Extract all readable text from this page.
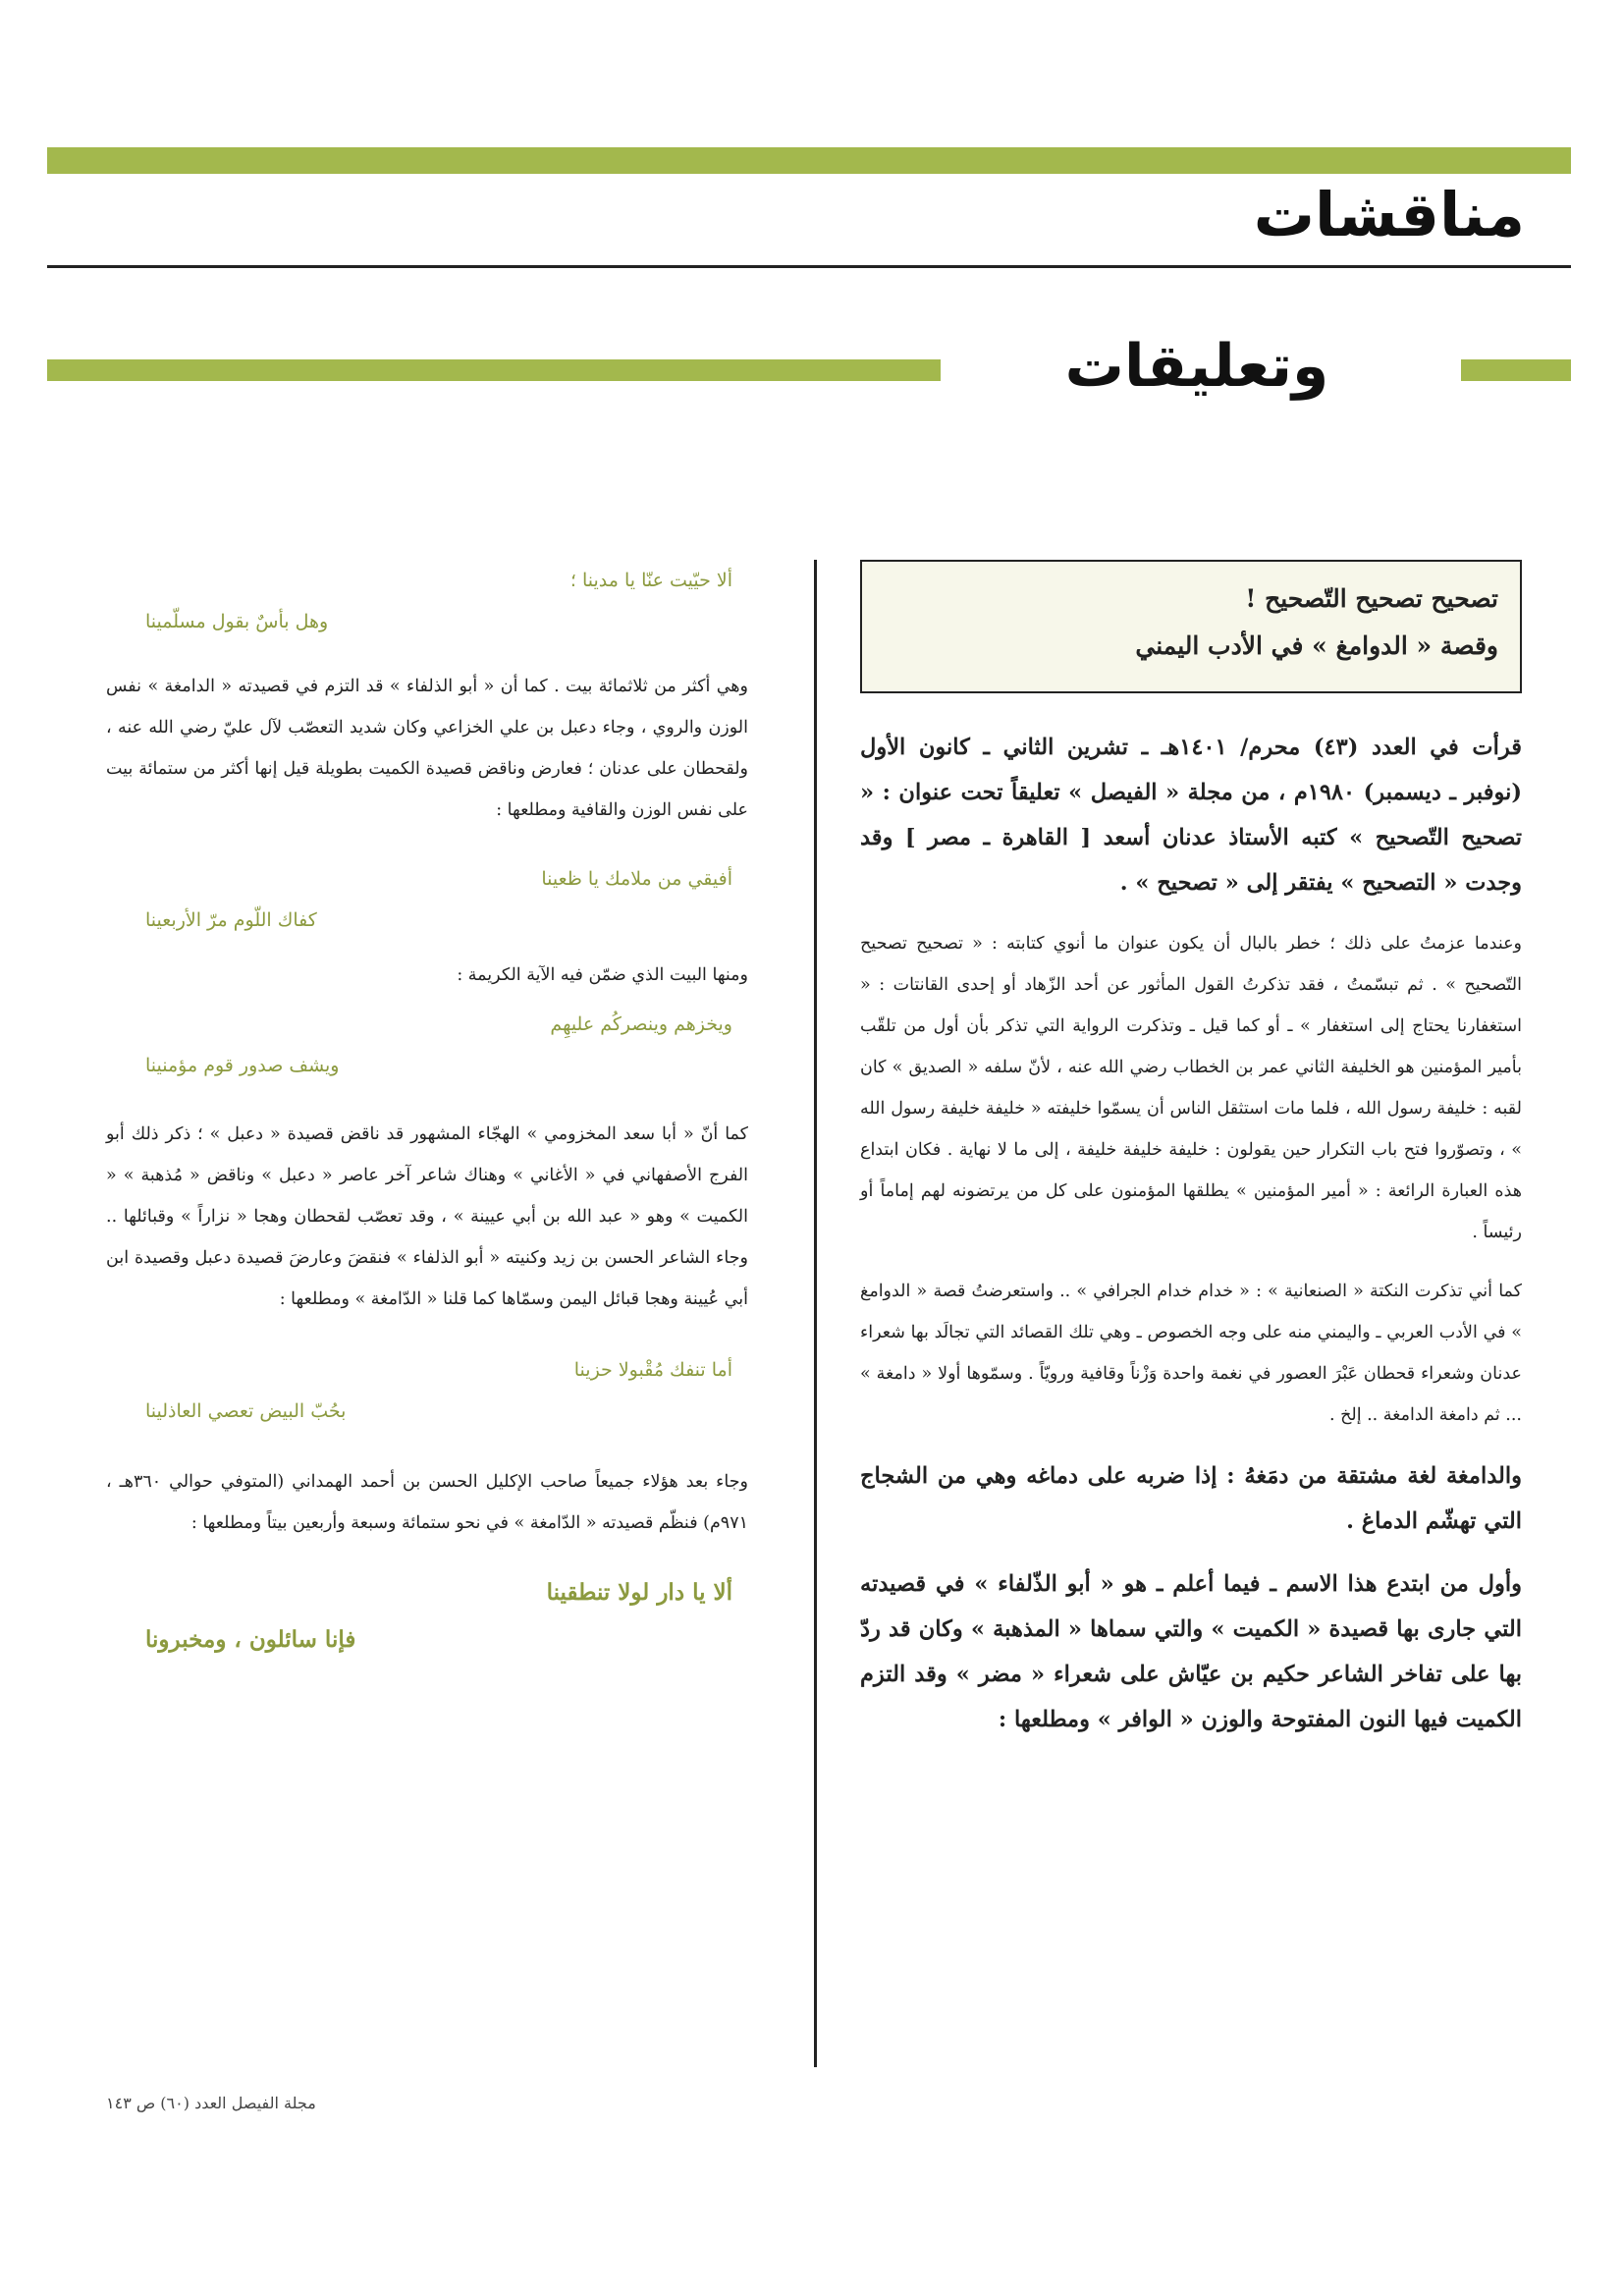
مناقشات
وتعليقات
تصحيح تصحيح التّصحيح !
وقصة « الدوامغ » في الأدب اليمني

قرأت في العدد (٤٣) محرم/ ١٤٠١هـ ـ تشرين الثاني ـ كانون الأول (نوفبر ـ ديسمبر) ١٩٨٠م ، من مجلة « الفيصل » تعليقاً تحت عنوان : « تصحيح التّصحيح » كتبه الأستاذ عدنان أسعد [ القاهرة ـ مصر ] وقد وجدت « التصحيح » يفتقر إلى « تصحيح » .

وعندما عزمتُ على ذلك ؛ خطر بالبال أن يكون عنوان ما أنوي كتابته : « تصحيح تصحيح التّصحيح » . ثم تبسّمتُ ، فقد تذكرتُ القول المأثور عن أحد الزّهاد أو إحدى القانتات : « استغفارنا يحتاج إلى استغفار » ـ أو كما قيل ـ وتذكرت الرواية التي تذكر بأن أول من تلقّب بأمير المؤمنين هو الخليفة الثاني عمر بن الخطاب رضي الله عنه ، لأنّ سلفه « الصديق » كان لقبه : خليفة رسول الله ، فلما مات استثقل الناس أن يسمّوا خليفته « خليفة خليفة رسول الله » ، وتصوّروا فتح باب التكرار حين يقولون : خليفة خليفة خليفة ، إلى ما لا نهاية . فكان ابتداع هذه العبارة الرائعة : « أمير المؤمنين » يطلقها المؤمنون على كل من يرتضونه لهم إماماً أو رئيساً .

كما أني تذكرت النكتة « الصنعانية » : « خدام خدام الجرافي » .. واستعرضتُ قصة « الدوامغ » في الأدب العربي ـ واليمني منه على وجه الخصوص ـ وهي تلك القصائد التي تجالَد بها شعراء عدنان وشعراء قحطان عَبْرَ العصور في نغمة واحدة وَزْناً وقافية ورويّاً . وسمّوها أولا « دامغة » ... ثم دامغة الدامغة .. إلخ .

والدامغة لغة مشتقة من دمَغهُ : إذا ضربه على دماغه وهي من الشجاج التي تهشّم الدماغ .

وأول من ابتدع هذا الاسم ـ فيما أعلم ـ هو « أبو الذّلفاء » في قصيدته التي جارى بها قصيدة « الكميت » والتي سماها « المذهبة » وكان قد ردّ بها على تفاخر الشاعر حكيم بن عيّاش على شعراء « مضر » وقد التزم الكميت فيها النون المفتوحة والوزن « الوافر » ومطلعها :

ألا حيّيت عنّا يا مدينا ؛
وهل بأسٌ بقول مسلّمينا

وهي أكثر من ثلاثمائة بيت . كما أن « أبو الذلفاء » قد التزم في قصيدته « الدامغة » نفس الوزن والروي ، وجاء دعبل بن علي الخزاعي وكان شديد التعصّب لآل عليّ رضي الله عنه ، ولقحطان على عدنان ؛ فعارض وناقض قصيدة الكميت بطويلة قيل إنها أكثر من ستمائة بيت على نفس الوزن والقافية ومطلعها :

أفيقي من ملامك يا ظعينا
كفاك اللّوم مرّ الأربعينا

ومنها البيت الذي ضمّن فيه الآية الكريمة :

ويخزهم وينصركُم عليهِم
ويشف صدور قوم مؤمنينا

كما أنّ « أبا سعد المخزومي » الهجّاء المشهور قد ناقض قصيدة « دعبل » ؛ ذكر ذلك أبو الفرج الأصفهاني في « الأغاني » وهناك شاعر آخر عاصر « دعبل » وناقض « مُذهبة » « الكميت » وهو « عبد الله بن أبي عيينة » ، وقد تعصّب لقحطان وهجا « نزاراً » وقبائلها .. وجاء الشاعر الحسن بن زيد وكنيته « أبو الذلفاء » فنقضَ وعارضَ قصيدة دعبل وقصيدة ابن أبي عُيينة وهجا قبائل اليمن وسمّاها كما قلنا « الدّامغة » ومطلعها :

أما تنفك مُقْبولا حزينا
بحُبّ البيض تعصي العاذلينا

وجاء بعد هؤلاء جميعاً صاحب الإكليل الحسن بن أحمد الهمداني (المتوفي حوالي ٣٦٠هـ ، ٩٧١م) فنظّم قصيدته « الدّامغة » في نحو ستمائة وسبعة وأربعين بيتاً ومطلعها :

ألا يا دار لولا تنطقينا
فإنا سائلون ، ومخبرونا
مجلة الفيصل العدد (٦٠) ص ١٤٣
